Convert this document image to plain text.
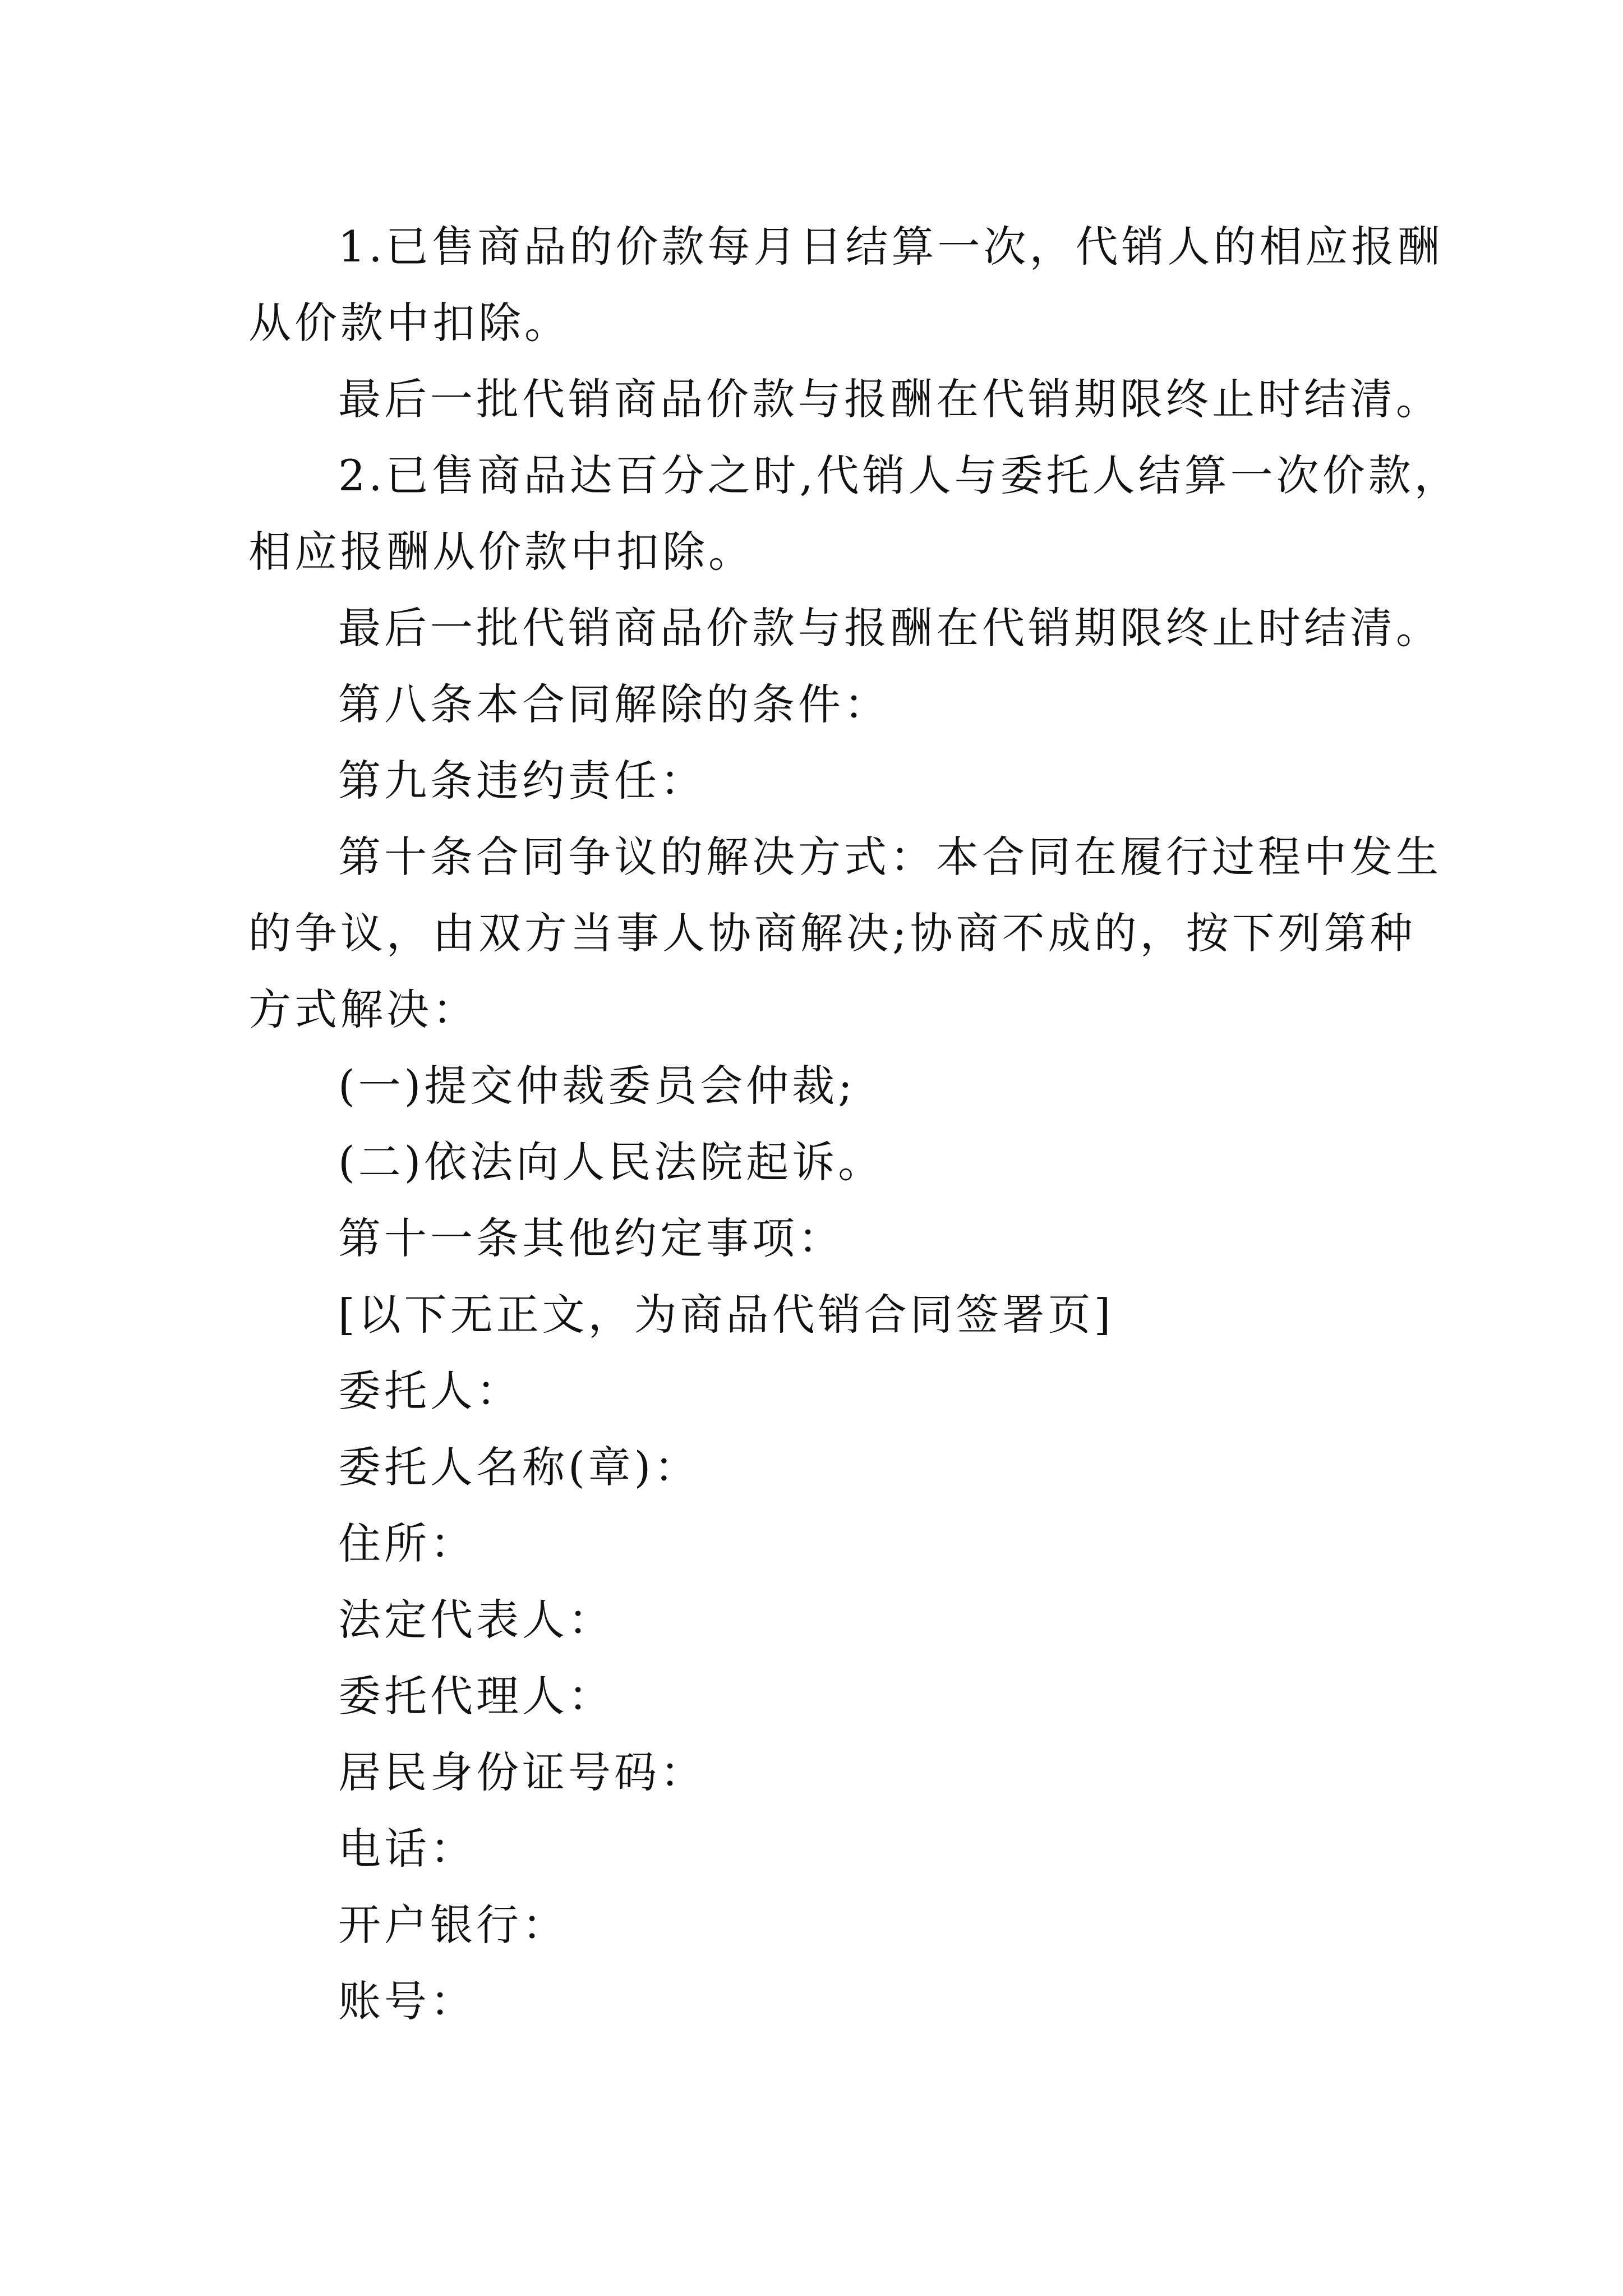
1.已售商品的价款每月日结算一次，代销人的相应报酬
从价款中扣除。
最后一批代销商品价款与报酬在代销期限终止时结清。
2.已售商品达百分之时,代销人与委托人结算一次价款，
相应报酬从价款中扣除。
最后一批代销商品价款与报酬在代销期限终止时结清。
第八条本合同解除的条件：
第九条违约责任：
第十条合同争议的解决方式：本合同在履行过程中发生
的争议，由双方当事人协商解决;协商不成的，按下列第种
方式解决：
(一)提交仲裁委员会仲裁;
(二)依法向人民法院起诉。
第十一条其他约定事项：
[以下无正文，为商品代销合同签署页]
委托人：
委托人名称(章)：
住所：
法定代表人：
委托代理人：
居民身份证号码：
电话：
开户银行：
账号：
